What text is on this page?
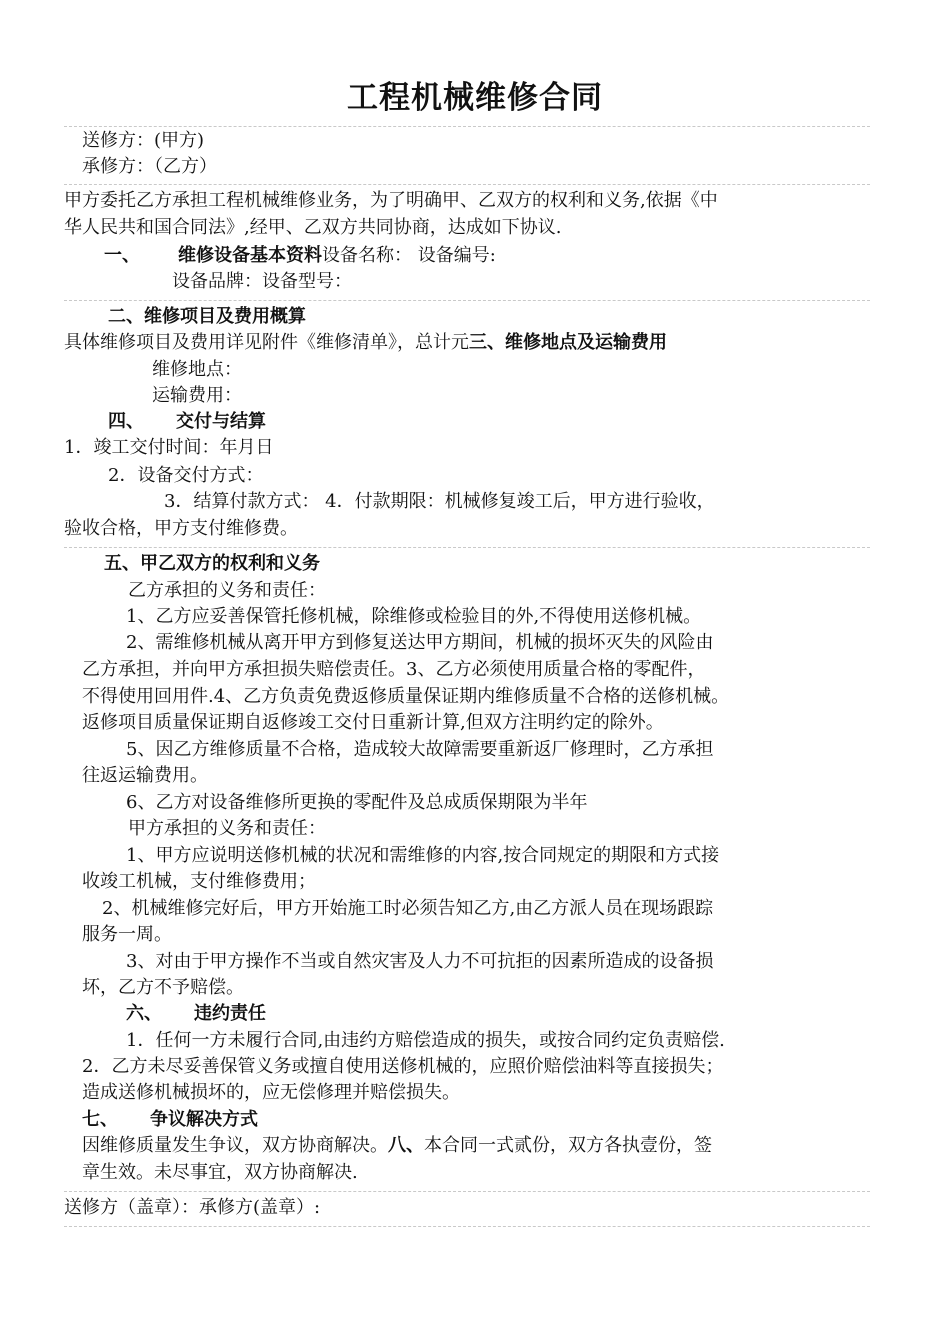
工程机械维修合同
送修方：(甲方)
承修方：（乙方）
甲方委托乙方承担工程机械维修业务，为了明确甲、乙双方的权利和义务,依据《中
华人民共和国合同法》,经甲、乙双方共同协商，达成如下协议.
一、 维修设备基本资料设备名称： 设备编号:
设备品牌：设备型号：
二、维修项目及费用概算
具体维修项目及费用详见附件《维修清单》，总计元三、维修地点及运输费用
维修地点：
运输费用：
四、 交付与结算
1．竣工交付时间：年月日
2．设备交付方式：
3．结算付款方式： 4．付款期限：机械修复竣工后，甲方进行验收，
验收合格，甲方支付维修费。
五、甲乙双方的权利和义务
乙方承担的义务和责任：
1、乙方应妥善保管托修机械，除维修或检验目的外,不得使用送修机械。
2、需维修机械从离开甲方到修复送达甲方期间，机械的损坏灭失的风险由
乙方承担，并向甲方承担损失赔偿责任。3、乙方必须使用质量合格的零配件，
不得使用回用件.4、乙方负责免费返修质量保证期内维修质量不合格的送修机械。
返修项目质量保证期自返修竣工交付日重新计算,但双方注明约定的除外。
5、因乙方维修质量不合格，造成较大故障需要重新返厂修理时，乙方承担
往返运输费用。
6、乙方对设备维修所更换的零配件及总成质保期限为半年
甲方承担的义务和责任：
1、甲方应说明送修机械的状况和需维修的内容,按合同规定的期限和方式接
收竣工机械，支付维修费用；
2、机械维修完好后，甲方开始施工时必须告知乙方,由乙方派人员在现场跟踪
服务一周。
3、对由于甲方操作不当或自然灾害及人力不可抗拒的因素所造成的设备损
坏，乙方不予赔偿。
六、 违约责任
1．任何一方未履行合同,由违约方赔偿造成的损失，或按合同约定负责赔偿.
2．乙方未尽妥善保管义务或擅自使用送修机械的，应照价赔偿油料等直接损失；
造成送修机械损坏的，应无偿修理并赔偿损失。
七、 争议解决方式
因维修质量发生争议，双方协商解决。八、本合同一式贰份，双方各执壹份，签
章生效。未尽事宜，双方协商解决.
送修方（盖章）：承修方(盖章）:
